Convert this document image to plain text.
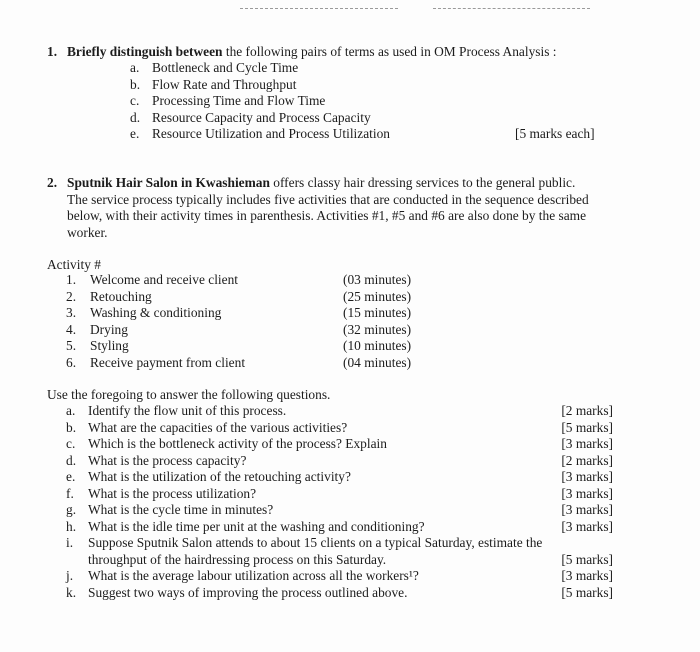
1. Briefly distinguish between the following pairs of terms as used in OM Process Analysis :
a. Bottleneck and Cycle Time
b. Flow Rate and Throughput
c. Processing Time and Flow Time
d. Resource Capacity and Process Capacity
e. Resource Utilization and Process Utilization	[5 marks each]
2. Sputnik Hair Salon in Kwashieman offers classy hair dressing services to the general public.
The service process typically includes five activities that are conducted in the sequence described
below, with their activity times in parenthesis. Activities #1, #5 and #6 are also done by the same
worker.
Activity #
1. Welcome and receive client	(03 minutes)
2. Retouching	(25 minutes)
3. Washing & conditioning	(15 minutes)
4. Drying	(32 minutes)
5. Styling	(10 minutes)
6. Receive payment from client	(04 minutes)
Use the foregoing to answer the following questions.
a. Identify the flow unit of this process.	[2 marks]
b. What are the capacities of the various activities?	[5 marks]
c. Which is the bottleneck activity of the process? Explain	[3 marks]
d. What is the process capacity?	[2 marks]
e. What is the utilization of the retouching activity?	[3 marks]
f. What is the process utilization?	[3 marks]
g. What is the cycle time in minutes?	[3 marks]
h. What is the idle time per unit at the washing and conditioning?	[3 marks]
i. Suppose Sputnik Salon attends to about 15 clients on a typical Saturday, estimate the
throughput of the hairdressing process on this Saturday.	[5 marks]
j. What is the average labour utilization across all the workers¹?	[3 marks]
k. Suggest two ways of improving the process outlined above.	[5 marks]
